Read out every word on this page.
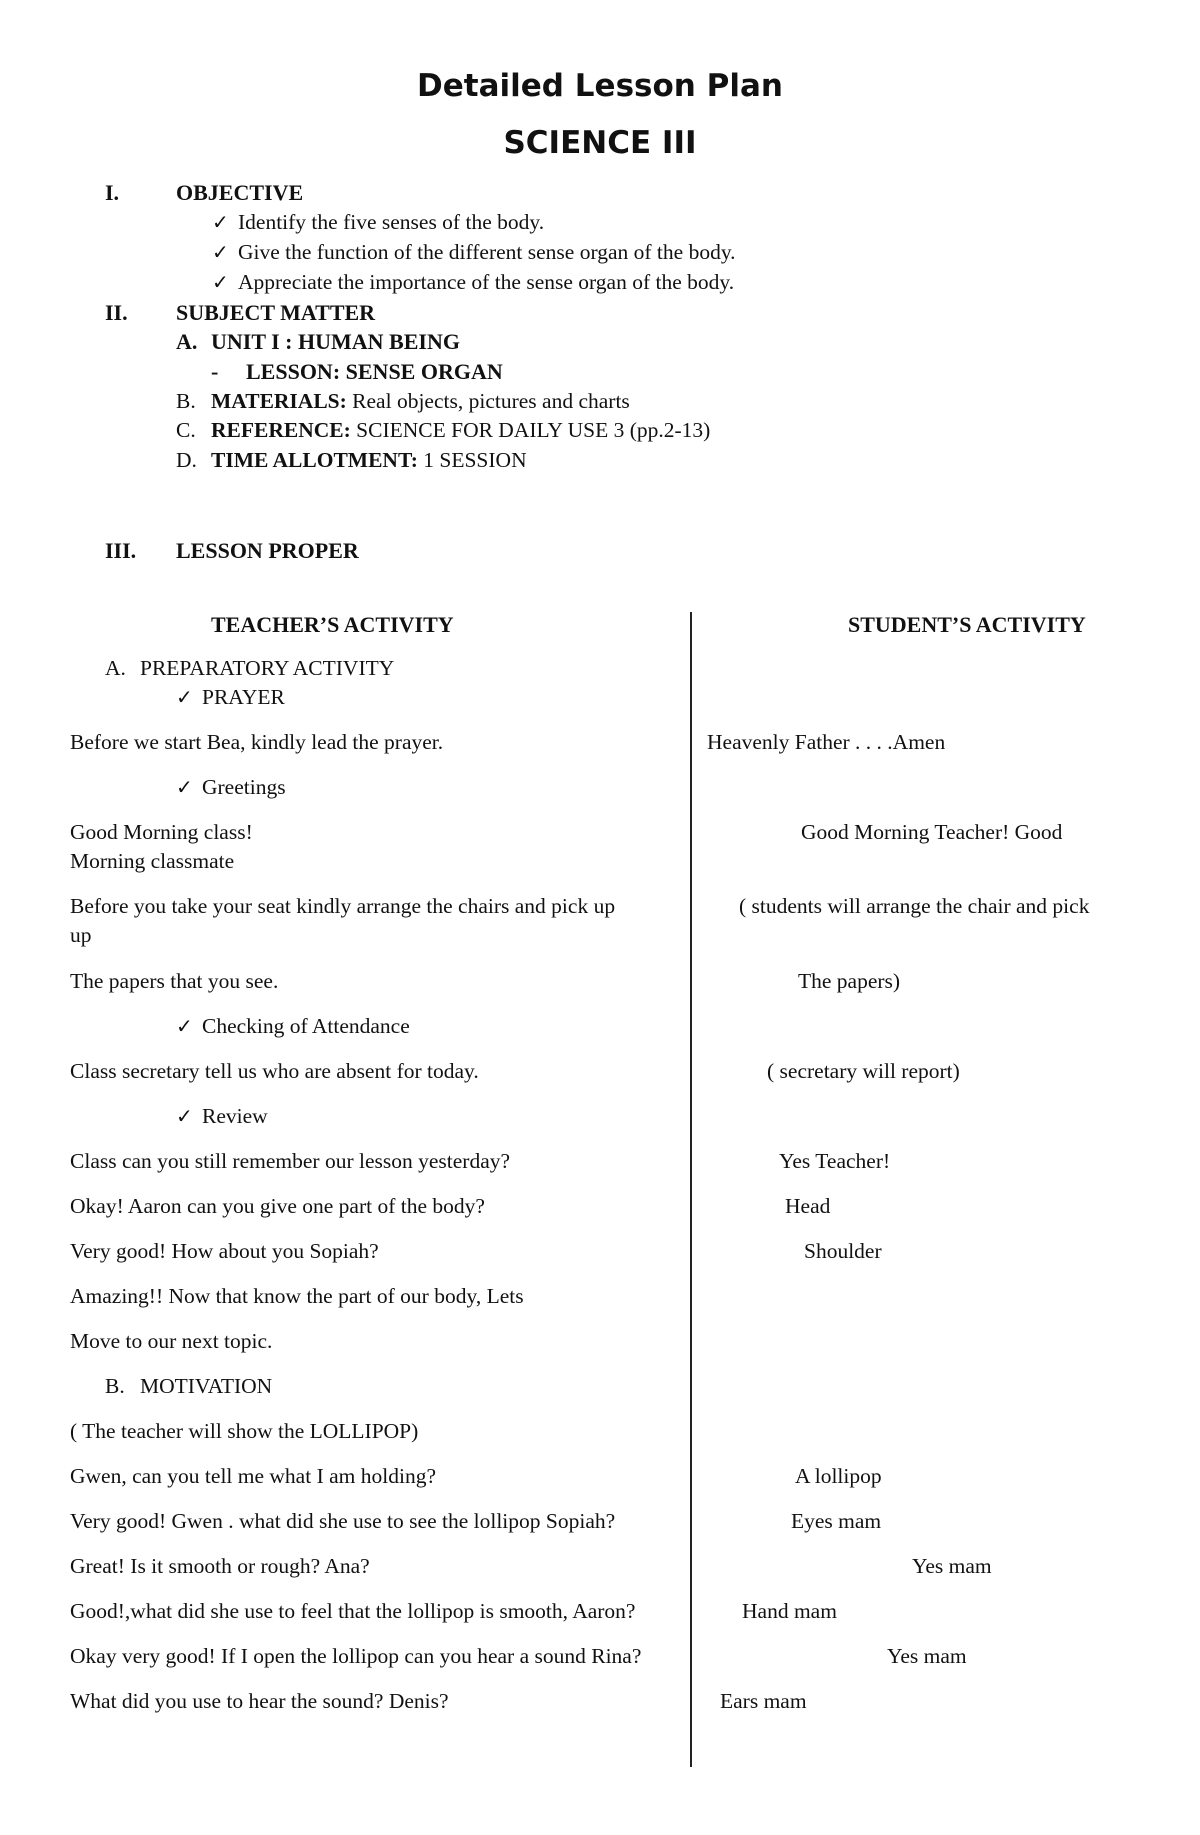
Detailed Lesson Plan
SCIENCE III
I.	OBJECTIVE
✓ Identify the five senses of the body.
✓ Give the function of the different sense organ of the body.
✓ Appreciate the importance of the sense organ of the body.
II. SUBJECT MATTER
A. UNIT I : HUMAN BEING
- LESSON: SENSE ORGAN
B. MATERIALS: Real objects, pictures and charts
C. REFERENCE: SCIENCE FOR DAILY USE 3 (pp.2-13)
D. TIME ALLOTMENT: 1 SESSION
III. LESSON PROPER
TEACHER’S ACTIVITY	STUDENT’S ACTIVITY
A. PREPARATORY ACTIVITY
✓ PRAYER
Before we start Bea, kindly lead the prayer.
✓ Greetings
Good Morning class!
Morning classmate
Before you take your seat kindly arrange the chairs and pick up
up
The papers that you see.
✓ Checking of Attendance
Class secretary tell us who are absent for today.
✓ Review
Class can you still remember our lesson yesterday?
Okay! Aaron can you give one part of the body?
Very good! How about you Sopiah?
Amazing!! Now that know the part of our body, Lets
Move to our next topic.
B. MOTIVATION
( The teacher will show the LOLLIPOP)
Gwen, can you tell me what I am holding?
Very good! Gwen . what did she use to see the lollipop Sopiah?
Great! Is it smooth or rough? Ana?
Good!,what did she use to feel that the lollipop is smooth, Aaron?
Okay very good! If I open the lollipop can you hear a sound Rina?
What did you use to hear the sound? Denis?
Heavenly Father . . . .Amen
Good Morning Teacher! Good
( students will arrange the chair and pick
The papers)
( secretary will report)
Yes Teacher!
Head
Shoulder
A lollipop
Eyes mam
Yes mam
Hand mam
Yes mam
Ears mam
